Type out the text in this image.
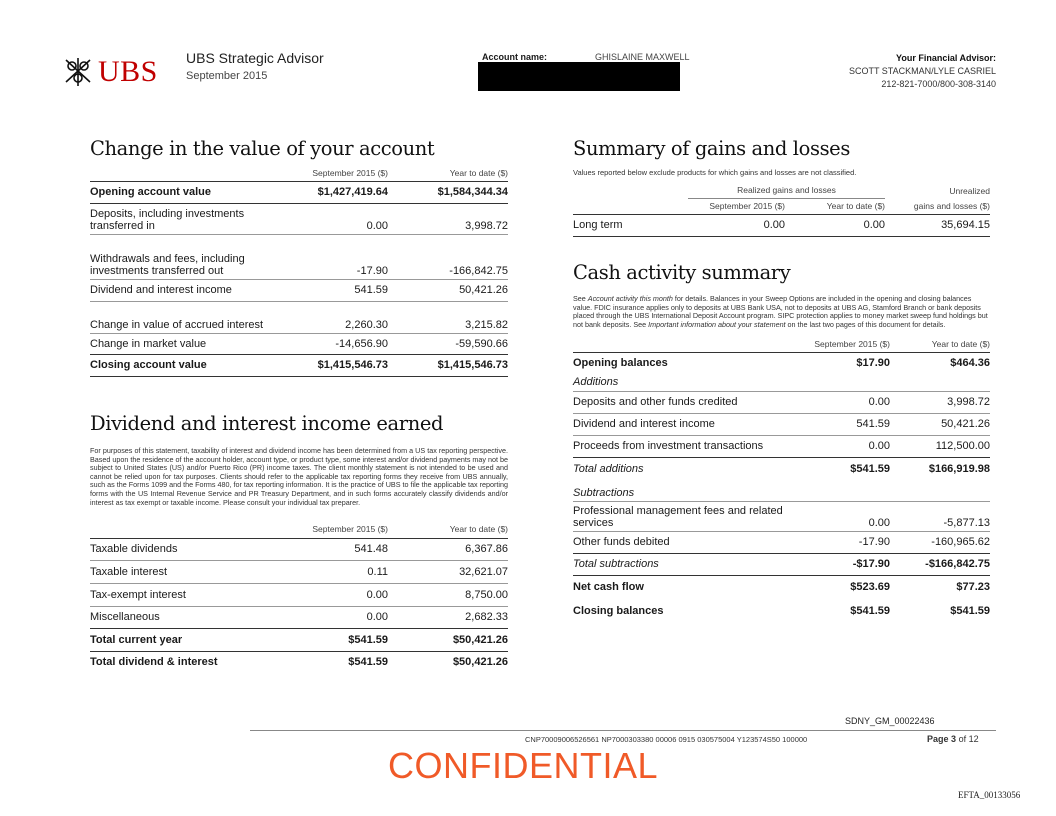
UBS UBS Strategic Advisor
September 2015
Account name:	GHISLAINE MAXWELL	Your Financial Advisor:
SCOTT STACKMAN/LYLE CASRIEL
212-821-7000/800-308-3140
Change in the value of your account
	September 2015 ($)	Year to date ($)
Opening account value	$1,427,419.64	$1,584,344.34
Deposits, including investments transferred in	0.00	3,998.72
Withdrawals and fees, including investments transferred out	-17.90	-166,842.75
Dividend and interest income	541.59	50,421.26
Change in value of accrued interest	2,260.30	3,215.82
Change in market value	-14,656.90	-59,590.66
Closing account value	$1,415,546.73	$1,415,546.73
Dividend and interest income earned
For purposes of this statement, taxability of interest and dividend income has been determined from a US tax reporting perspective. Based upon the residence of the account holder, account type, or product type, some interest and/or dividend payments may not be subject to United States (US) and/or Puerto Rico (PR) income taxes. The client monthly statement is not intended to be used and cannot be relied upon for tax purposes. Clients should refer to the applicable tax reporting forms they receive from UBS annually, such as the Forms 1099 and the Forms 480, for tax reporting information. It is the practice of UBS to file the applicable tax reporting forms with the US Internal Revenue Service and PR Treasury Department, and in such forms accurately classify dividends and/or interest as tax exempt or taxable income. Please consult your individual tax preparer.
	September 2015 ($)	Year to date ($)
Taxable dividends	541.48	6,367.86
Taxable interest	0.11	32,621.07
Tax-exempt interest	0.00	8,750.00
Miscellaneous	0.00	2,682.33
Total current year	$541.59	$50,421.26
Total dividend & interest	$541.59	$50,421.26
Summary of gains and losses
Values reported below exclude products for which gains and losses are not classified.
	Realized gains and losses		Unrealized
	September 2015 ($)	Year to date ($)	gains and losses ($)
Long term	0.00	0.00	35,694.15
Cash activity summary
See Account activity this month for details. Balances in your Sweep Options are included in the opening and closing balances value. FDIC insurance applies only to deposits at UBS Bank USA, not to deposits at UBS AG, Stamford Branch or bank deposits placed through the UBS International Deposit Account program. SIPC protection applies to money market sweep fund holdings but not bank deposits. See Important information about your statement on the last two pages of this document for details.
	September 2015 ($)	Year to date ($)
Opening balances	$17.90	$464.36
Additions		
Deposits and other funds credited	0.00	3,998.72
Dividend and interest income	541.59	50,421.26
Proceeds from investment transactions	0.00	112,500.00
Total additions	$541.59	$166,919.98
Subtractions		
Professional management fees and related services	0.00	-5,877.13
Other funds debited	-17.90	-160,965.62
Total subtractions	-$17.90	-$166,842.75
Net cash flow	$523.69	$77.23
Closing balances	$541.59	$541.59
SDNY_GM_00022436
CNP70009006526561 NP7000303380 00006 0915 030575004 Y123574S50 100000	Page 3 of 12
CONFIDENTIAL
EFTA_00133056
